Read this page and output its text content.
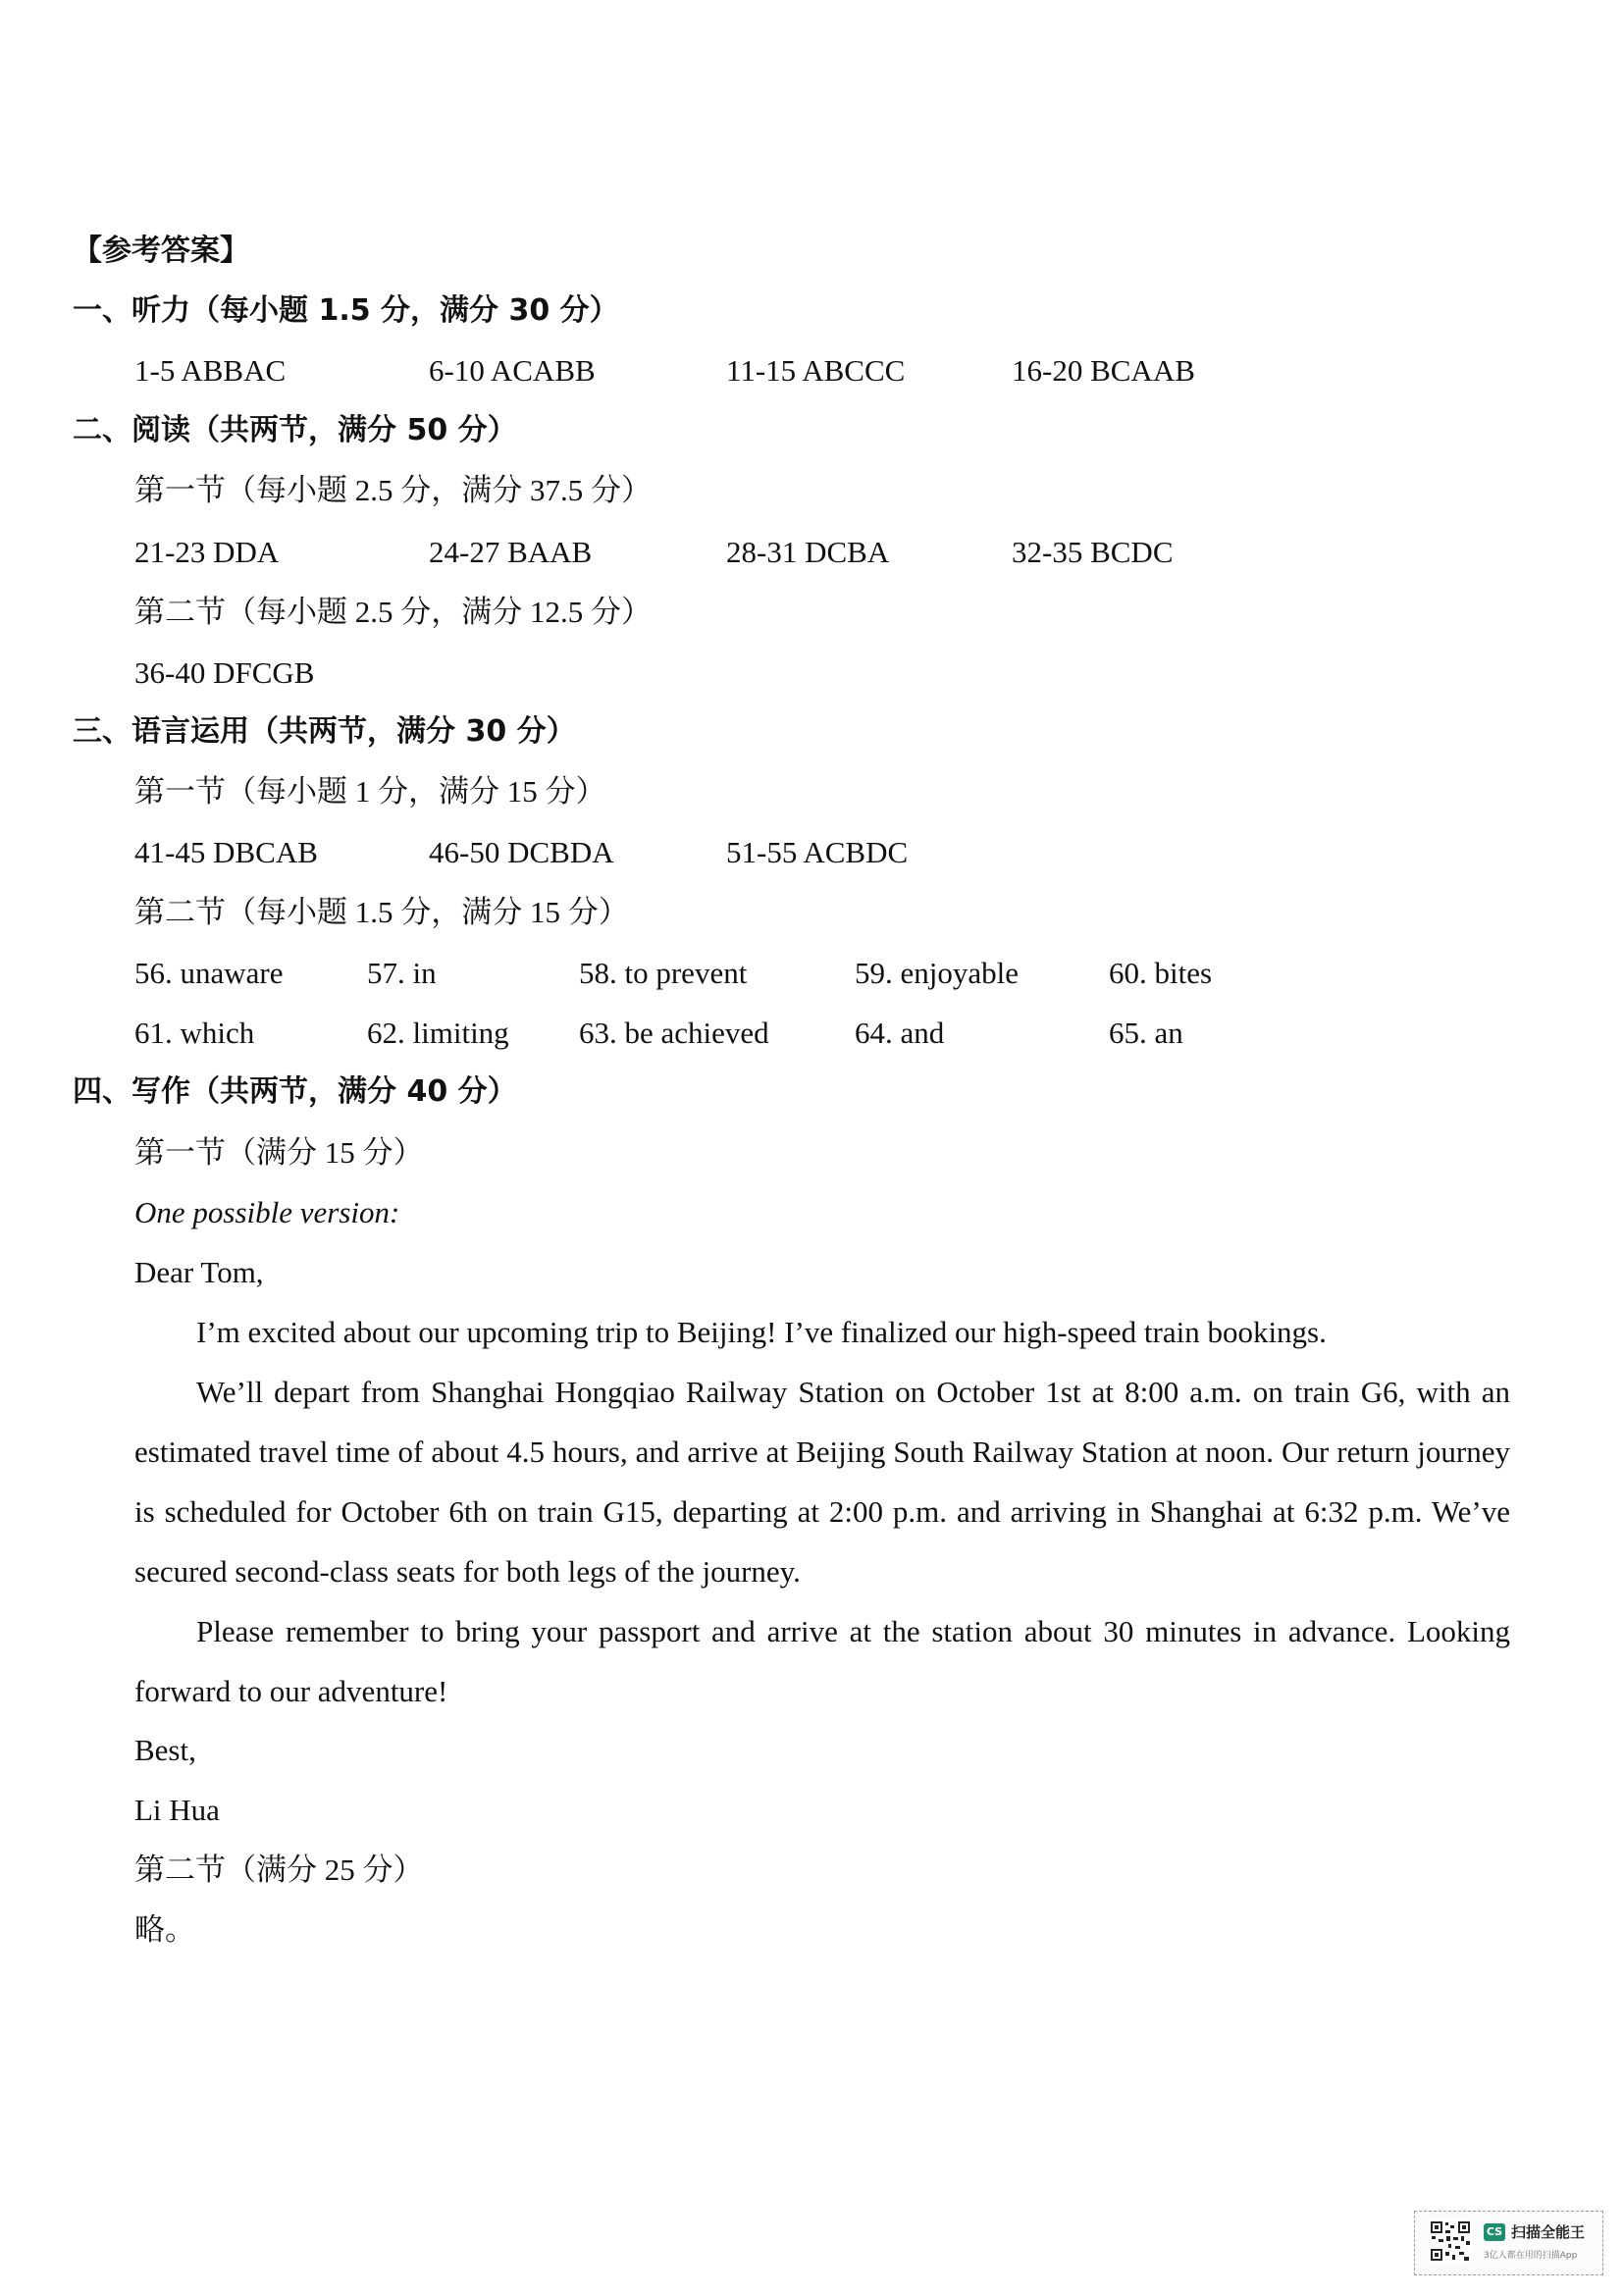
【参考答案】
一、听力（每小题 1.5 分，满分 30 分）
1-5 ABBAC	6-10 ACABB	11-15 ABCCC	16-20 BCAAB
二、阅读（共两节，满分 50 分）
第一节（每小题 2.5 分，满分 37.5 分）
21-23 DDA	24-27 BAAB	28-31 DCBA	32-35 BCDC
第二节（每小题 2.5 分，满分 12.5 分）
36-40 DFCGB
三、语言运用（共两节，满分 30 分）
第一节（每小题 1 分，满分 15 分）
41-45 DBCAB	46-50 DCBDA	51-55 ACBDC
第二节（每小题 1.5 分，满分 15 分）
56. unaware	57. in	58. to prevent	59. enjoyable	60. bites
61. which	62. limiting 63. be achieved	64. and	65. an
四、写作（共两节，满分 40 分）
第一节（满分 15 分）
One possible version:
Dear Tom,

I’m excited about our upcoming trip to Beijing! I’ve finalized our high-speed train bookings.

We’ll depart from Shanghai Hongqiao Railway Station on October 1st at 8:00 a.m. on train G6, with an estimated travel time of about 4.5 hours, and arrive at Beijing South Railway Station at noon. Our return journey is scheduled for October 6th on train G15, departing at 2:00 p.m. and arriving in Shanghai at 6:32 p.m. We’ve secured second-class seats for both legs of the journey.

Please remember to bring your passport and arrive at the station about 30 minutes in advance. Looking forward to our adventure!

Best,
Li Hua
第二节（满分 25 分）
略。
CS 扫描全能王
3亿人都在用的扫描App
